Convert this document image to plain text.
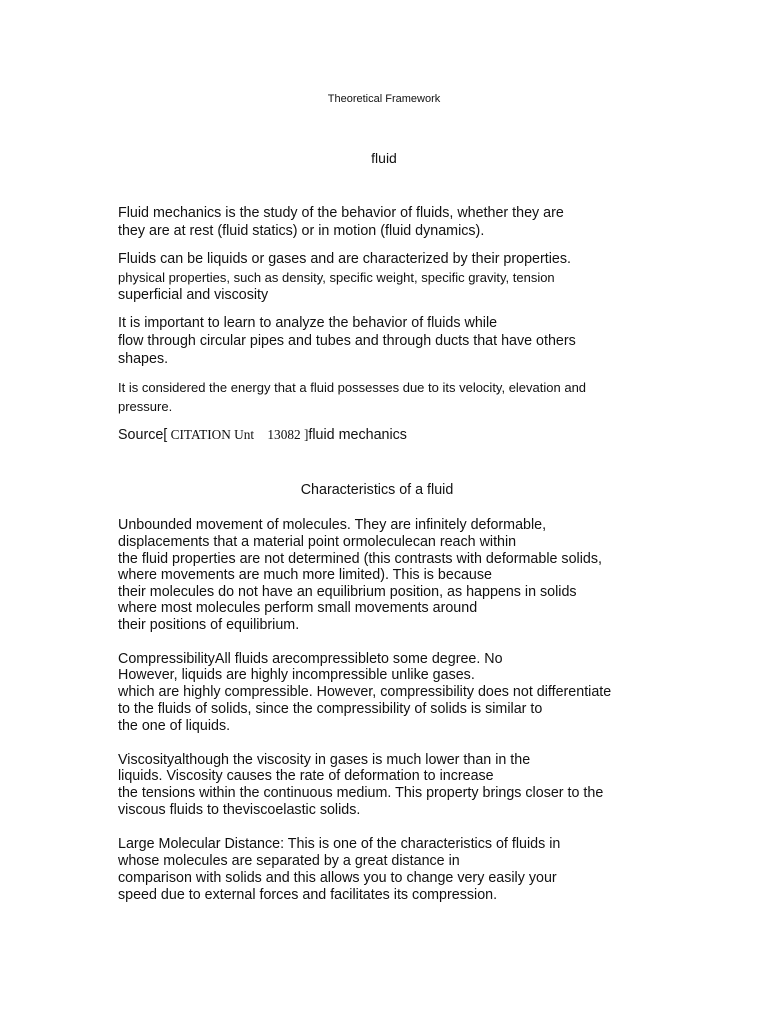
Theoretical Framework
fluid
Fluid mechanics is the study of the behavior of fluids, whether they are
they are at rest (fluid statics) or in motion (fluid dynamics).
Fluids can be liquids or gases and are characterized by their properties.
physical properties, such as density, specific weight, specific gravity, tension
superficial and viscosity
It is important to learn to analyze the behavior of fluids while
flow through circular pipes and tubes and through ducts that have others
shapes.
It is considered the energy that a fluid possesses due to its velocity, elevation and
pressure.
Source[ CITATION Unt    13082 ]fluid mechanics
Characteristics of a fluid
Unbounded movement of molecules. They are infinitely deformable,
displacements that a material point ormoleculecan reach within
the fluid properties are not determined (this contrasts with deformable solids,
where movements are much more limited). This is because
their molecules do not have an equilibrium position, as happens in solids
where most molecules perform small movements around
their positions of equilibrium.
CompressibilityAll fluids arecompressibleto some degree. No
However, liquids are highly incompressible unlike gases.
which are highly compressible. However, compressibility does not differentiate
to the fluids of solids, since the compressibility of solids is similar to
the one of liquids.
Viscosityalthough the viscosity in gases is much lower than in the
liquids. Viscosity causes the rate of deformation to increase
the tensions within the continuous medium. This property brings closer to the
viscous fluids to theviscoelastic solids.
Large Molecular Distance: This is one of the characteristics of fluids in
whose molecules are separated by a great distance in
comparison with solids and this allows you to change very easily your
speed due to external forces and facilitates its compression.
